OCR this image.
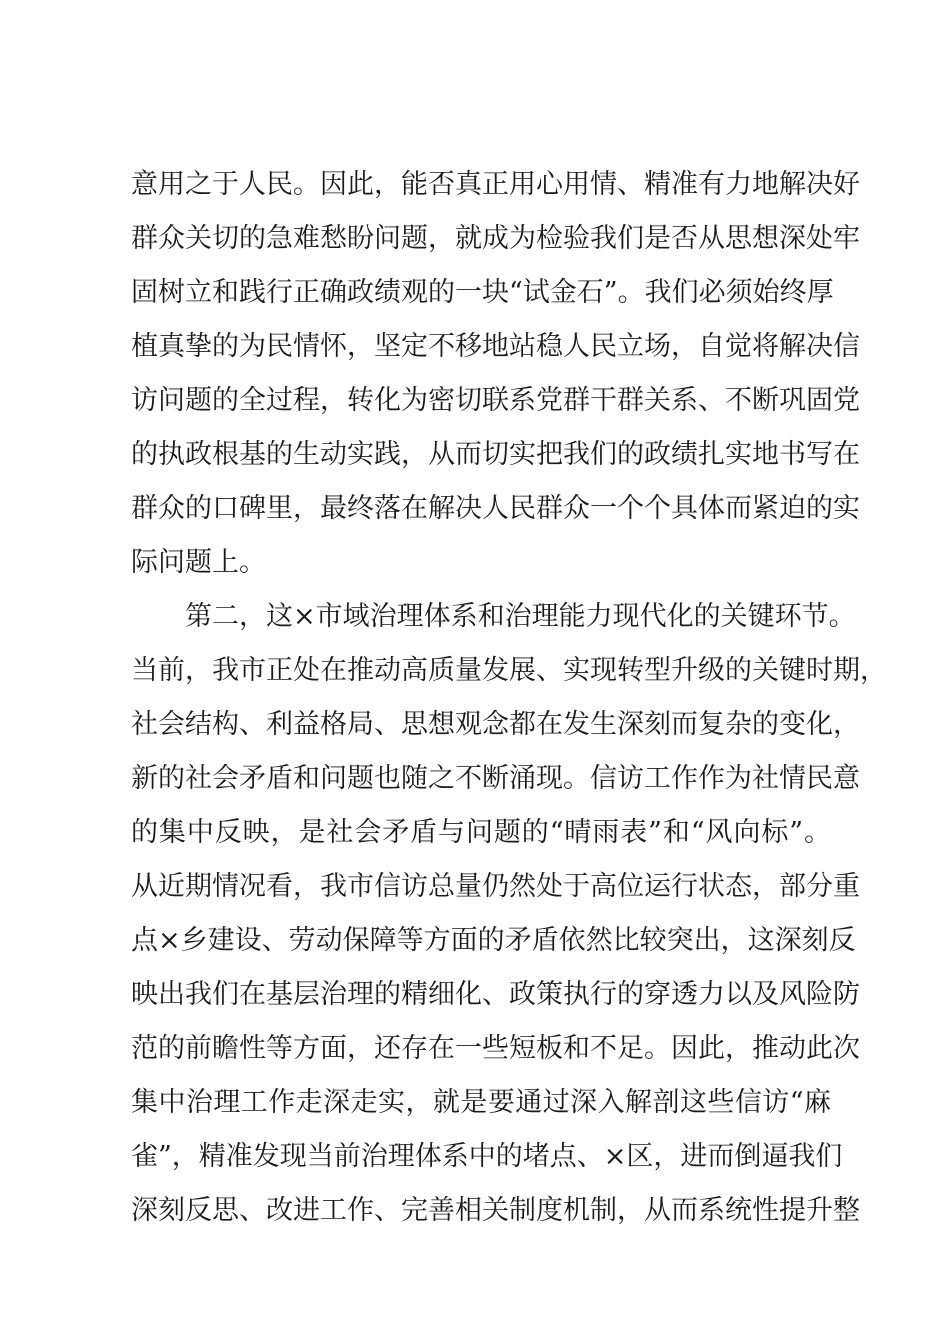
意用之于人民。因此，能否真正用心用情、精准有力地解决好
群众关切的急难愁盼问题，就成为检验我们是否从思想深处牢
固树立和践行正确政绩观的一块“试金石”。我们必须始终厚
植真挚的为民情怀，坚定不移地站稳人民立场，自觉将解决信
访问题的全过程，转化为密切联系党群干群关系、不断巩固党
的执政根基的生动实践，从而切实把我们的政绩扎实地书写在
群众的口碑里，最终落在解决人民群众一个个具体而紧迫的实
际问题上。
　　第二，这×市域治理体系和治理能力现代化的关键环节。
当前，我市正处在推动高质量发展、实现转型升级的关键时期，
社会结构、利益格局、思想观念都在发生深刻而复杂的变化，
新的社会矛盾和问题也随之不断涌现。信访工作作为社情民意
的集中反映，是社会矛盾与问题的“晴雨表”和“风向标”。
从近期情况看，我市信访总量仍然处于高位运行状态，部分重
点×乡建设、劳动保障等方面的矛盾依然比较突出，这深刻反
映出我们在基层治理的精细化、政策执行的穿透力以及风险防
范的前瞻性等方面，还存在一些短板和不足。因此，推动此次
集中治理工作走深走实，就是要通过深入解剖这些信访“麻
雀”，精准发现当前治理体系中的堵点、×区，进而倒逼我们
深刻反思、改进工作、完善相关制度机制，从而系统性提升整
